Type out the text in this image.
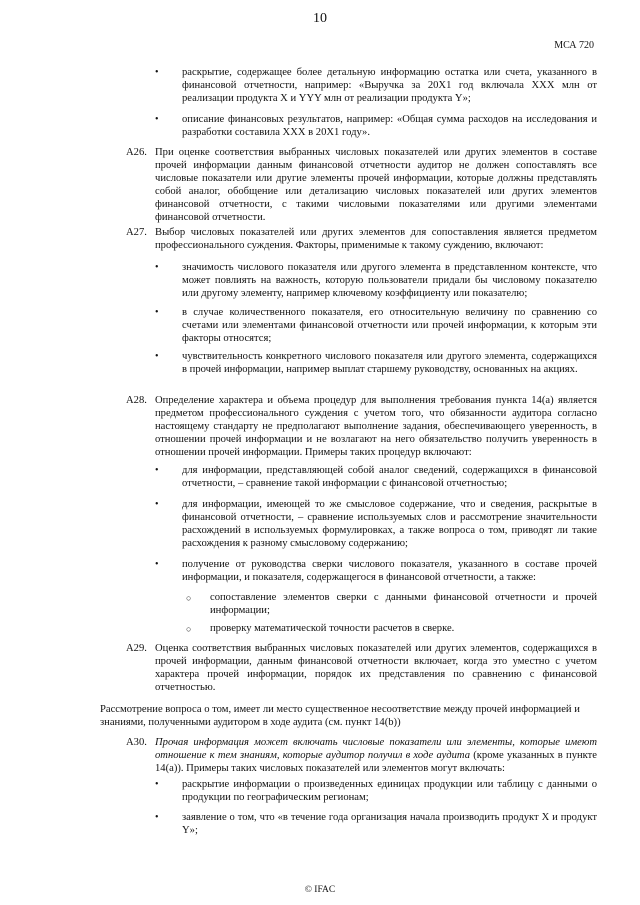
10
МСА 720
• раскрытие, содержащее более детальную информацию остатка или счета, указанного в финансовой отчетности, например: «Выручка за 20X1 год включала XXX млн от реализации продукта X и YYY млн от реализации продукта Y»;
• описание финансовых результатов, например: «Общая сумма расходов на исследования и разработки составила XXX в 20X1 году».
A26. При оценке соответствия выбранных числовых показателей или других элементов в составе прочей информации данным финансовой отчетности аудитор не должен сопоставлять все числовые показатели или другие элементы прочей информации, которые должны представлять собой аналог, обобщение или детализацию числовых показателей или других элементов финансовой отчетности, с такими числовыми показателями или другими элементами финансовой отчетности.
A27. Выбор числовых показателей или других элементов для сопоставления является предметом профессионального суждения. Факторы, применимые к такому суждению, включают:
• значимость числового показателя или другого элемента в представленном контексте, что может повлиять на важность, которую пользователи придали бы числовому показателю или другому элементу, например ключевому коэффициенту или показателю;
• в случае количественного показателя, его относительную величину по сравнению со счетами или элементами финансовой отчетности или прочей информации, к которым эти факторы относятся;
• чувствительность конкретного числового показателя или другого элемента, содержащихся в прочей информации, например выплат старшему руководству, основанных на акциях.
A28. Определение характера и объема процедур для выполнения требования пункта 14(а) является предметом профессионального суждения с учетом того, что обязанности аудитора согласно настоящему стандарту не предполагают выполнение задания, обеспечивающего уверенность, в отношении прочей информации и не возлагают на него обязательство получить уверенность в отношении прочей информации. Примеры таких процедур включают:
• для информации, представляющей собой аналог сведений, содержащихся в финансовой отчетности, – сравнение такой информации с финансовой отчетностью;
• для информации, имеющей то же смысловое содержание, что и сведения, раскрытые в финансовой отчетности, – сравнение используемых слов и рассмотрение значительности расхождений в используемых формулировках, а также вопроса о том, приводят ли такие расхождения к разному смысловому содержанию;
• получение от руководства сверки числового показателя, указанного в составе прочей информации, и показателя, содержащегося в финансовой отчетности, а также:
○ сопоставление элементов сверки с данными финансовой отчетности и прочей информации;
○ проверку математической точности расчетов в сверке.
A29. Оценка соответствия выбранных числовых показателей или других элементов, содержащихся в прочей информации, данным финансовой отчетности включает, когда это уместно с учетом характера прочей информации, порядок их представления по сравнению с финансовой отчетностью.
Рассмотрение вопроса о том, имеет ли место существенное несоответствие между прочей информацией и знаниями, полученными аудитором в ходе аудита (см. пункт 14(b))
A30. Прочая информация может включать числовые показатели или элементы, которые имеют отношение к тем знаниям, которые аудитор получил в ходе аудита (кроме указанных в пункте 14(а)). Примеры таких числовых показателей или элементов могут включать:
• раскрытие информации о произведенных единицах продукции или таблицу с данными о продукции по географическим регионам;
• заявление о том, что «в течение года организация начала производить продукт X и продукт Y»;
© IFAC
